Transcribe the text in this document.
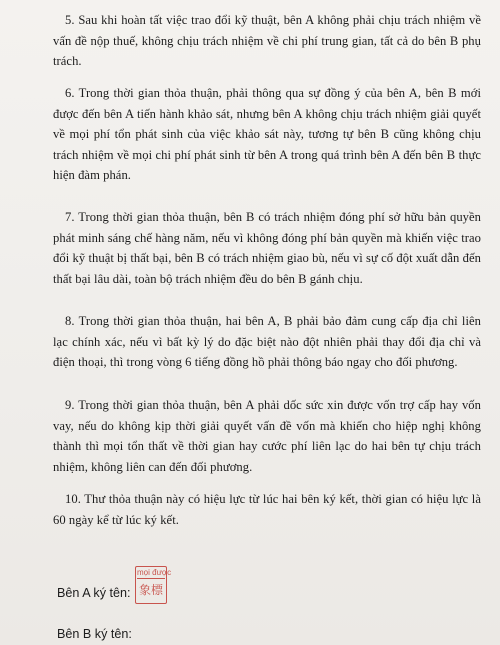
5. Sau khi hoàn tất việc trao đổi kỹ thuật, bên A không phải chịu trách nhiệm về vấn đề nộp thuế, không chịu trách nhiệm về chi phí trung gian, tất cả do bên B phụ trách.

6. Trong thời gian thỏa thuận, phải thông qua sự đồng ý của bên A, bên B mới được đến bên A tiến hành khảo sát, nhưng bên A không chịu trách nhiệm giải quyết về mọi phí tổn phát sinh của việc khảo sát này, tương tự bên B cũng không chịu trách nhiệm về mọi chi phí phát sinh từ bên A trong quá trình bên A đến bên B thực hiện đàm phán.

7. Trong thời gian thỏa thuận, bên B có trách nhiệm đóng phí sở hữu bản quyền phát minh sáng chế hàng năm, nếu vì không đóng phí bản quyền mà khiến việc trao đổi kỹ thuật bị thất bại, bên B có trách nhiệm giao bù, nếu vì sự cố đột xuất dẫn đến thất bại lâu dài, toàn bộ trách nhiệm đều do bên B gánh chịu.

8. Trong thời gian thỏa thuận, hai bên A, B phải bảo đảm cung cấp địa chỉ liên lạc chính xác, nếu vì bất kỳ lý do đặc biệt nào đột nhiên phải thay đổi địa chỉ và điện thoại, thì trong vòng 6 tiếng đồng hồ phải thông báo ngay cho đối phương.

9. Trong thời gian thỏa thuận, bên A phải dốc sức xin được vốn trợ cấp hay vốn vay, nếu do không kịp thời giải quyết vấn đề vốn mà khiến cho hiệp nghị không thành thì mọi tổn thất về thời gian hay cước phí liên lạc do hai bên tự chịu trách nhiệm, không liên can đến đối phương.

10. Thư thỏa thuận này có hiệu lực từ lúc hai bên ký kết, thời gian có hiệu lực là 60 ngày kể từ lúc ký kết.

Bên A ký tên:
mọi được
象標
Bên B ký tên:
